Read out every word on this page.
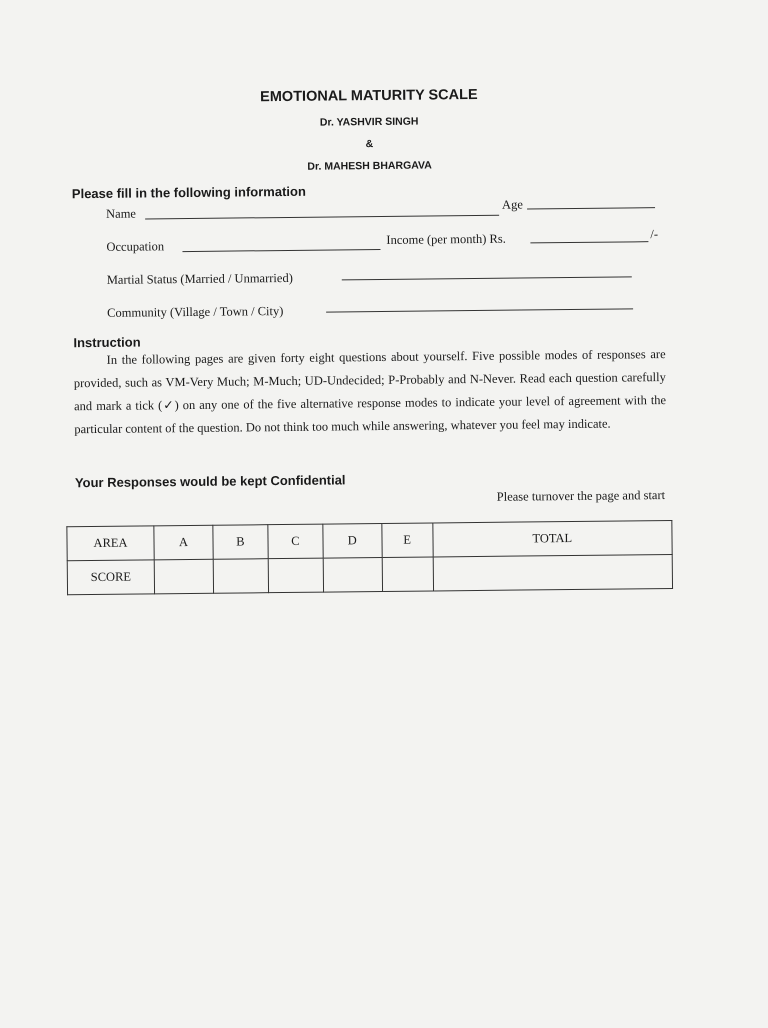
EMOTIONAL MATURITY SCALE
Dr. YASHVIR SINGH
&
Dr. MAHESH BHARGAVA
Please fill in the following information
Name
Age
Occupation	Income (per month) Rs.	/-
Martial Status (Married / Unmarried)
Community (Village / Town / City)
Instruction

In the following pages are given forty eight questions about yourself. Five possible modes of responses are provided, such as VM-Very Much; M-Much; UD-Undecided; P-Probably and N-Never. Read each question carefully and mark a tick (✓) on any one of the five alternative response modes to indicate your level of agreement with the particular content of the question. Do not think too much while answering, whatever you feel may indicate.

Your Responses would be kept Confidential
Please turnover the page and start
AREA	A	B	C	D	E	TOTAL
SCORE						
